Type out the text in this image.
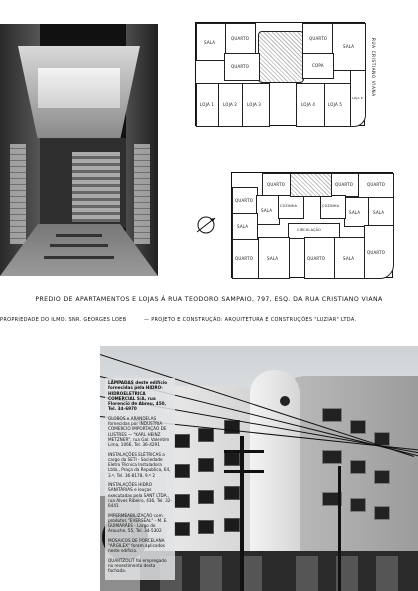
QUARTO
SALA
LOJA 1 LOJA 2 LOJA 3	LOJA 4	LOJA 5
LOJA 6
QUARTO
SALA
COPA
QUARTO	RUA CRISTIANO VIANA
QUARTO
QUARTO
QUARTO	QUARTO
SALA
SALA
SALA	SALA
COZINHA	COZINHA
CIRCULAÇÃO
QUARTO	SALA	QUARTO	SALA
QUARTO
PREDIO DE APARTAMENTOS E LOJAS Á RUA TEODORO SAMPAIO, 797, ESQ. DA RUA CRISTIANO VIANA
PROPRIEDADE DO ILMO. SNR. GEORGES LOEB	— PROJETO E CONSTRUÇÃO: ARQUITETURA E CONSTRUÇÕES "LUZIAR" LTDA.

LÂMPADAS deste edifício fornecidas pela HIDRO-HIDROELETRICA COMERCIAL S/A, rua Florencio de Abreu, 450, Tel. 34-6970

GLOBOS e ARANDELAS fornecidas por INDUSTRIA COMERCIO IMPORTAÇÃO DE LUSTRES — "KARL HEINZ METZNER", rua Gal. Valentim Lima, 1066, Tel. 36-4291

INSTALAÇÕES ELÉTRICAS a cargo da SETI - Sociedade Eletro Técnica Instaladora Ltda., Praça da Republica, 64, 3.º, Tel. 36-8178, 9.º 2

INSTALAÇÕES HIDRO SANITÁRIAS e louças executadas pela SANT LTDA., rua Alves Ribeiro, 436, Tel. 32-6441

IMPERMEABILIZAÇÃO com produtos "EVERSEAL" - M. E. GUIMARÃES - Largo do Arouche, 55, Tel. 34-5302

MOSAICOS DE PORCELANA "ARGILEX" foram aplicados neste edifício.

QUARTZOLIT foi empregado no revestimento desta fachada.
